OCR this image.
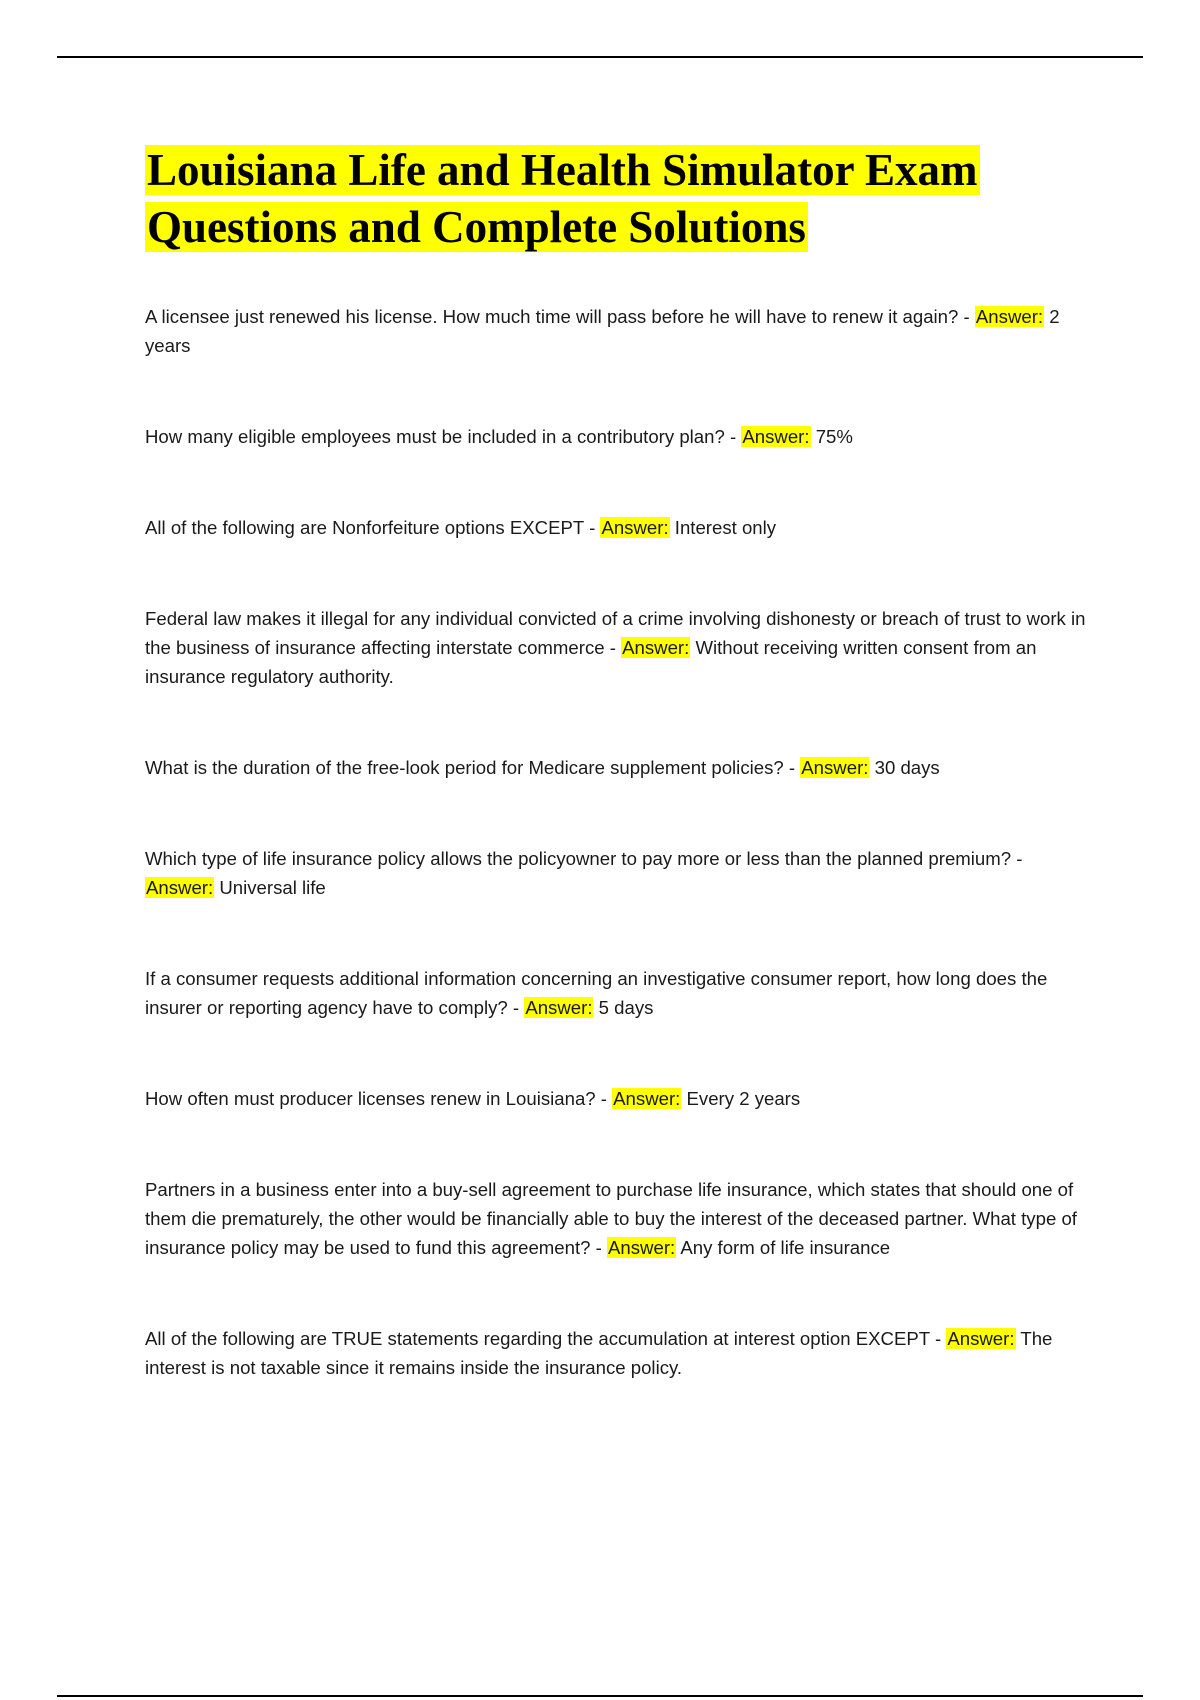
Louisiana Life and Health Simulator Exam Questions and Complete Solutions

A licensee just renewed his license. How much time will pass before he will have to renew it again? - Answer: 2 years

How many eligible employees must be included in a contributory plan? - Answer: 75%

All of the following are Nonforfeiture options EXCEPT - Answer: Interest only

Federal law makes it illegal for any individual convicted of a crime involving dishonesty or breach of trust to work in the business of insurance affecting interstate commerce - Answer: Without receiving written consent from an insurance regulatory authority.

What is the duration of the free-look period for Medicare supplement policies? - Answer: 30 days

Which type of life insurance policy allows the policyowner to pay more or less than the planned premium? - Answer: Universal life

If a consumer requests additional information concerning an investigative consumer report, how long does the insurer or reporting agency have to comply? - Answer: 5 days

How often must producer licenses renew in Louisiana? - Answer: Every 2 years

Partners in a business enter into a buy-sell agreement to purchase life insurance, which states that should one of them die prematurely, the other would be financially able to buy the interest of the deceased partner. What type of insurance policy may be used to fund this agreement? - Answer: Any form of life insurance

All of the following are TRUE statements regarding the accumulation at interest option EXCEPT - Answer: The interest is not taxable since it remains inside the insurance policy.
